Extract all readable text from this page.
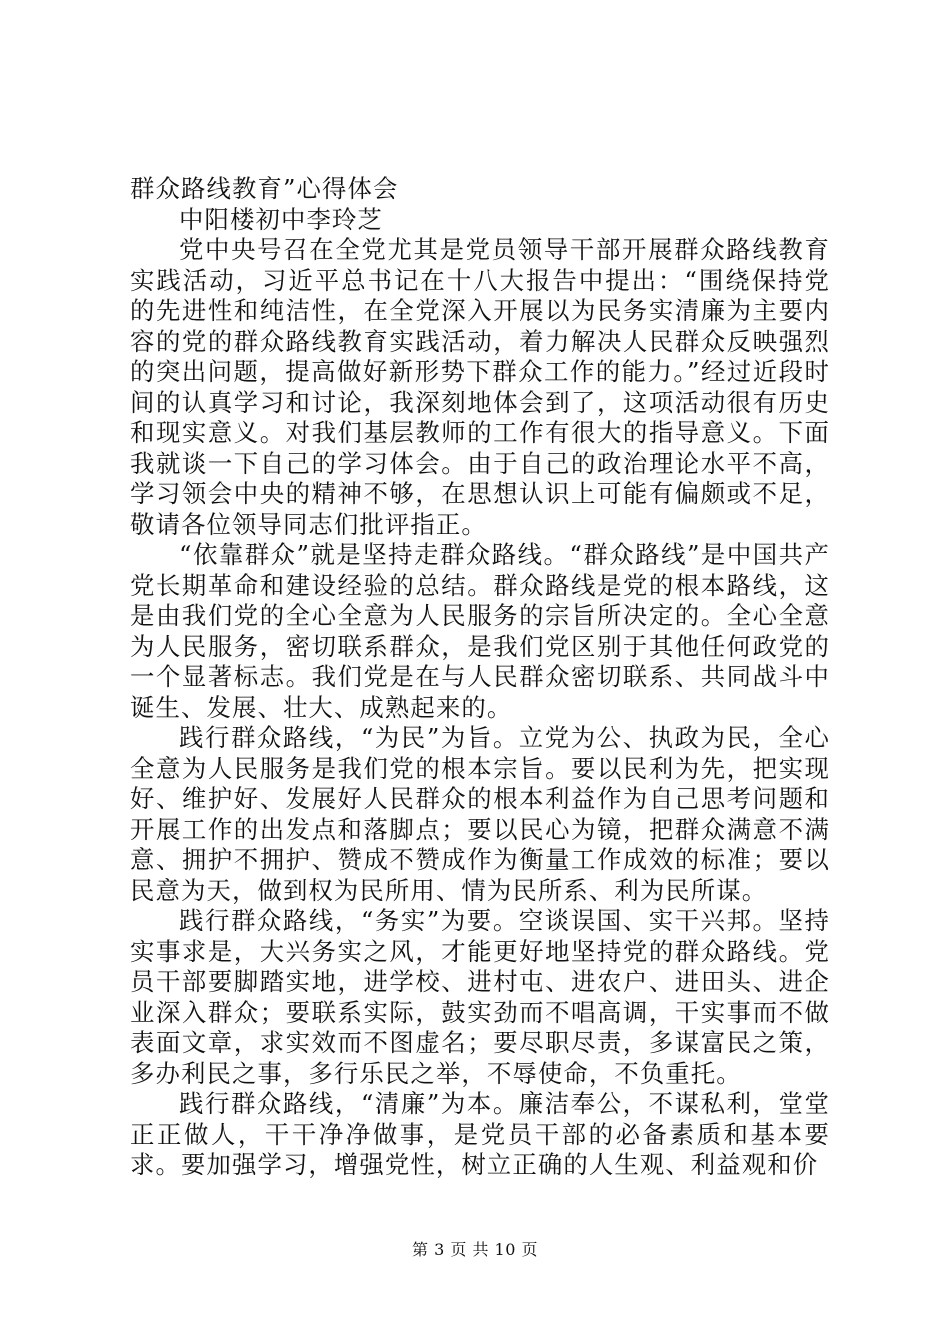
群众路线教育”心得体会

中阳楼初中李玲芝

党中央号召在全党尤其是党员领导干部开展群众路线教育实践活动，习近平总书记在十八大报告中提出：“围绕保持党的先进性和纯洁性，在全党深入开展以为民务实清廉为主要内容的党的群众路线教育实践活动，着力解决人民群众反映强烈的突出问题，提高做好新形势下群众工作的能力。”经过近段时间的认真学习和讨论，我深刻地体会到了，这项活动很有历史和现实意义。对我们基层教师的工作有很大的指导意义。下面我就谈一下自己的学习体会。由于自己的政治理论水平不高，学习领会中央的精神不够，在思想认识上可能有偏颇或不足，敬请各位领导同志们批评指正。

“依靠群众”就是坚持走群众路线。“群众路线”是中国共产党长期革命和建设经验的总结。群众路线是党的根本路线，这是由我们党的全心全意为人民服务的宗旨所决定的。全心全意为人民服务，密切联系群众，是我们党区别于其他任何政党的一个显著标志。我们党是在与人民群众密切联系、共同战斗中诞生、发展、壮大、成熟起来的。

践行群众路线，“为民”为旨。立党为公、执政为民，全心全意为人民服务是我们党的根本宗旨。要以民利为先，把实现好、维护好、发展好人民群众的根本利益作为自己思考问题和开展工作的出发点和落脚点；要以民心为镜，把群众满意不满意、拥护不拥护、赞成不赞成作为衡量工作成效的标准；要以民意为天，做到权为民所用、情为民所系、利为民所谋。

践行群众路线，“务实”为要。空谈误国、实干兴邦。坚持实事求是，大兴务实之风，才能更好地坚持党的群众路线。党员干部要脚踏实地，进学校、进村屯、进农户、进田头、进企业深入群众；要联系实际，鼓实劲而不唱高调，干实事而不做表面文章，求实效而不图虚名；要尽职尽责，多谋富民之策，多办利民之事，多行乐民之举，不辱使命，不负重托。

践行群众路线，“清廉”为本。廉洁奉公，不谋私利，堂堂正正做人，干干净净做事，是党员干部的必备素质和基本要求。要加强学习，增强党性，树立正确的人生观、利益观和价

第 3 页 共 10 页
